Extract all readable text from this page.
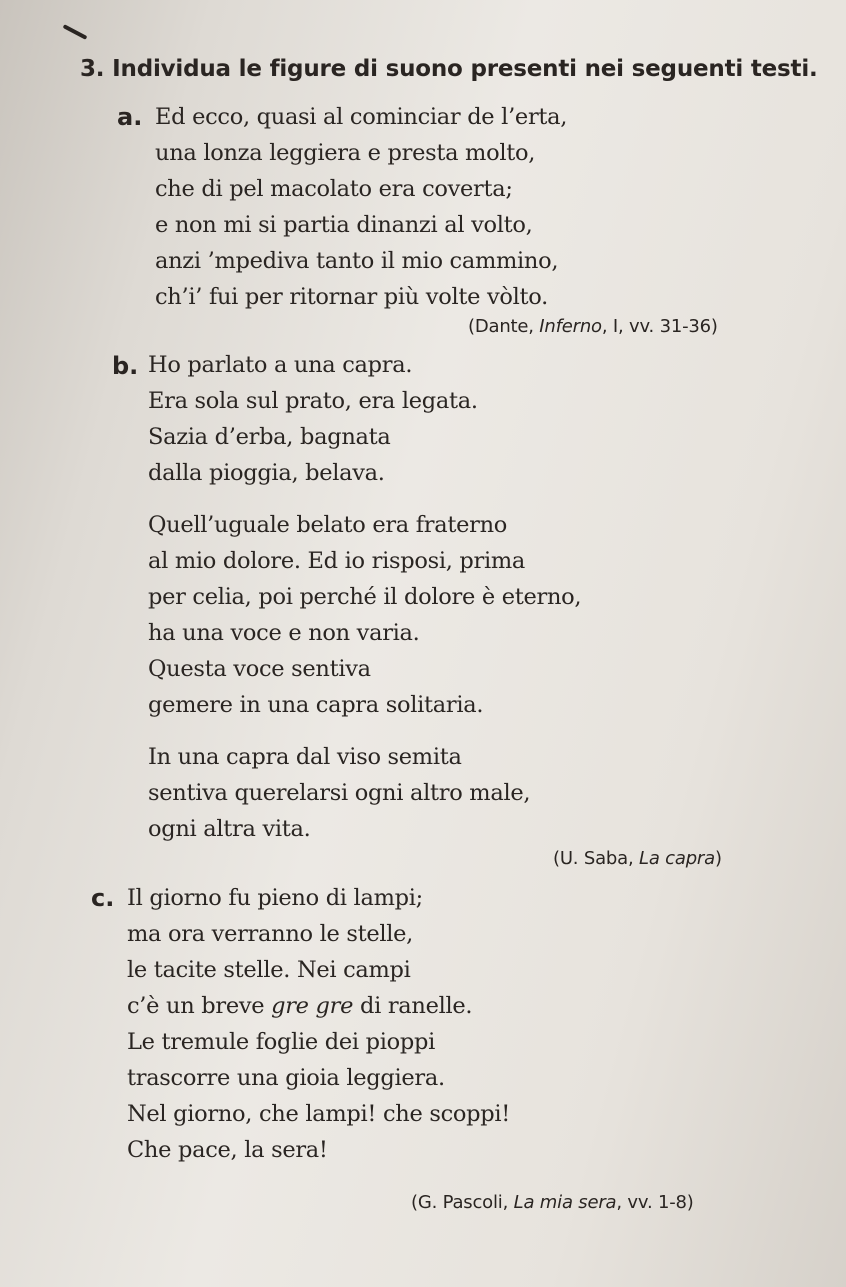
3. Individua le figure di suono presenti nei seguenti testi.
a. Ed ecco, quasi al cominciar de l’erta,
una lonza leggiera e presta molto,
che di pel macolato era coverta;
e non mi si partia dinanzi al volto,
anzi ’mpediva tanto il mio cammino,
ch’i’ fui per ritornar più volte vòlto.
(Dante, Inferno, I, vv. 31-36)
b. Ho parlato a una capra.
Era sola sul prato, era legata.
Sazia d’erba, bagnata
dalla pioggia, belava.
Quell’uguale belato era fraterno
al mio dolore. Ed io risposi, prima
per celia, poi perché il dolore è eterno,
ha una voce e non varia.
Questa voce sentiva
gemere in una capra solitaria.
In una capra dal viso semita
sentiva querelarsi ogni altro male,
ogni altra vita.
(U. Saba, La capra)
c. Il giorno fu pieno di lampi;
ma ora verranno le stelle,
le tacite stelle. Nei campi
c’è un breve gre gre di ranelle.
Le tremule foglie dei pioppi
trascorre una gioia leggiera.
Nel giorno, che lampi! che scoppi!
Che pace, la sera!
(G. Pascoli, La mia sera, vv. 1-8)
